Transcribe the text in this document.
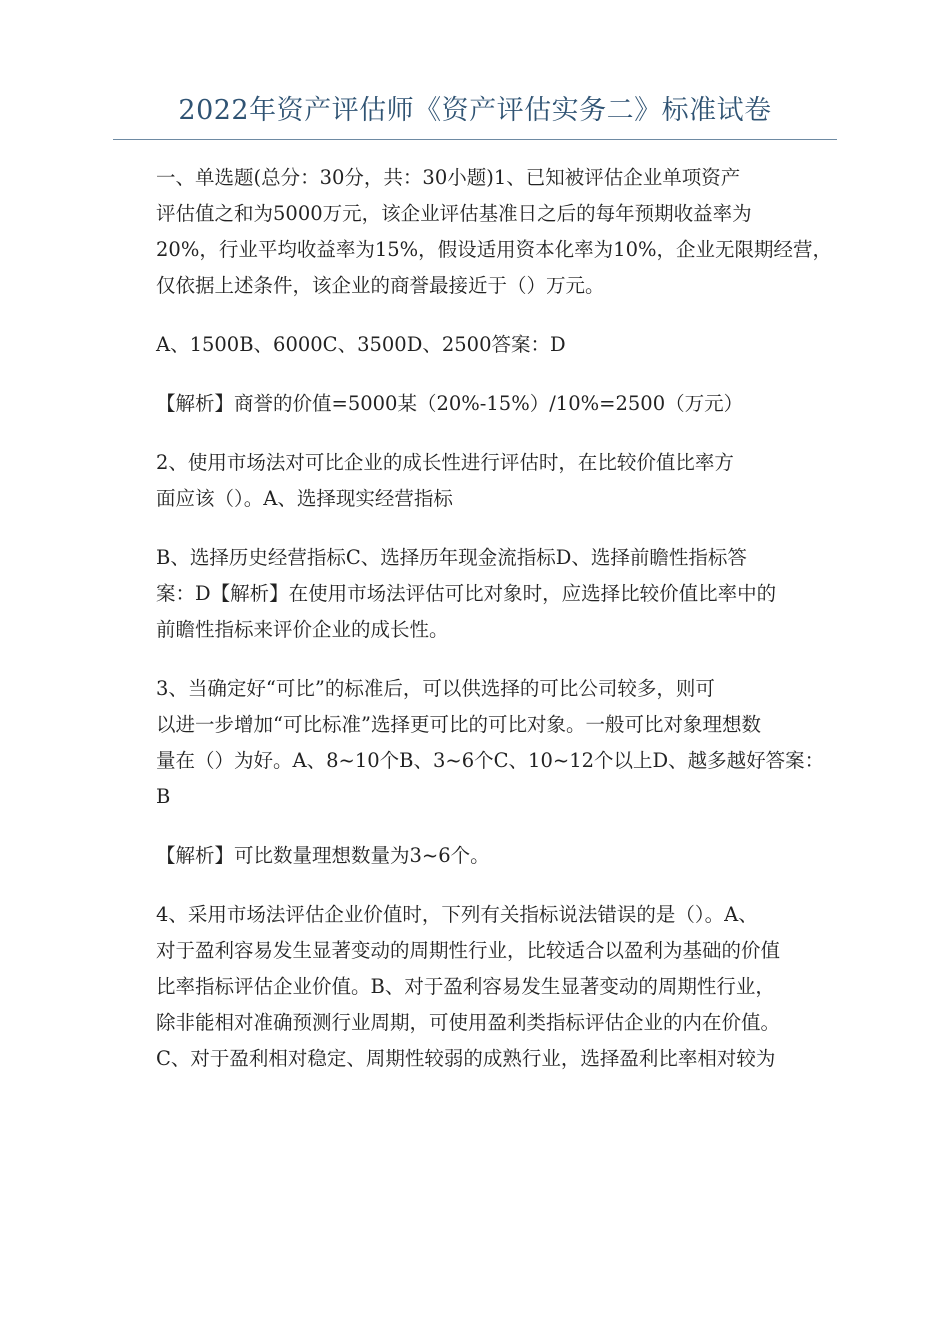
2022年资产评估师《资产评估实务二》标准试卷

一、单选题(总分：30分，共：30小题)1、已知被评估企业单项资产
评估值之和为5000万元，该企业评估基准日之后的每年预期收益率为
20%，行业平均收益率为15%，假设适用资本化率为10%，企业无限期经营，
仅依据上述条件，该企业的商誉最接近于（）万元。

A、1500B、6000C、3500D、2500答案：D

【解析】商誉的价值=5000某（20%-15%）/10%=2500（万元）

2、使用市场法对可比企业的成长性进行评估时，在比较价值比率方
面应该（）。A、选择现实经营指标

B、选择历史经营指标C、选择历年现金流指标D、选择前瞻性指标答
案：D【解析】在使用市场法评估可比对象时，应选择比较价值比率中的
前瞻性指标来评价企业的成长性。

3、当确定好“可比”的标准后，可以供选择的可比公司较多，则可
以进一步增加“可比标准”选择更可比的可比对象。一般可比对象理想数
量在（）为好。A、8~10个B、3~6个C、10~12个以上D、越多越好答案：
B

【解析】可比数量理想数量为3~6个。

4、采用市场法评估企业价值时，下列有关指标说法错误的是（）。A、
对于盈利容易发生显著变动的周期性行业，比较适合以盈利为基础的价值
比率指标评估企业价值。B、对于盈利容易发生显著变动的周期性行业，
除非能相对准确预测行业周期，可使用盈利类指标评估企业的内在价值。
C、对于盈利相对稳定、周期性较弱的成熟行业，选择盈利比率相对较为
